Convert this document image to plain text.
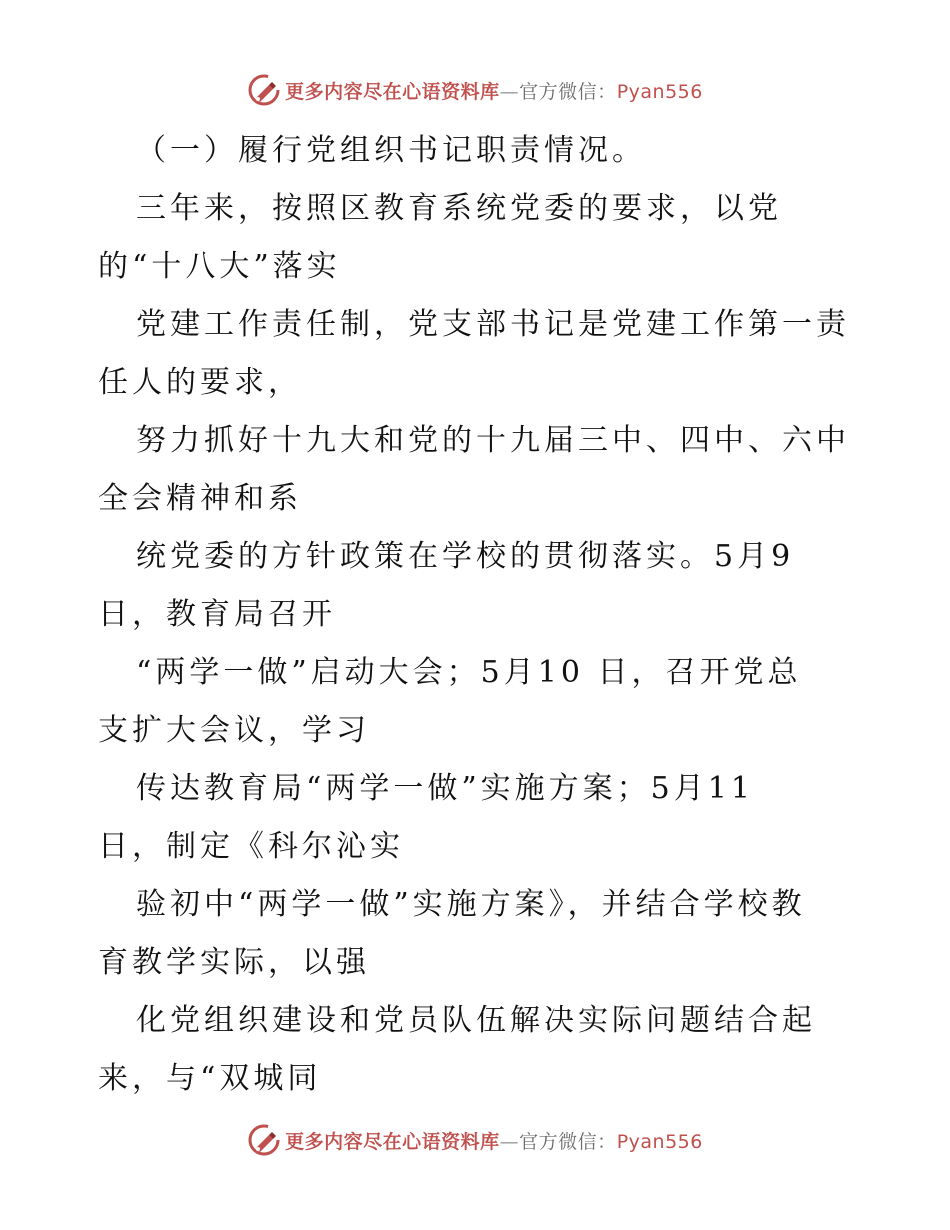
更多内容尽在心语资料库—官方微信：Pyan556
（一）履行党组织书记职责情况。
三年来，按照区教育系统党委的要求，以党
的“十八大”落实
党建工作责任制，党支部书记是党建工作第一责
任人的要求，
努力抓好十九大和党的十九届三中、四中、六中
全会精神和系
统党委的方针政策在学校的贯彻落实。5月9
日，教育局召开
“两学一做”启动大会；5月10 日，召开党总
支扩大会议，学习
传达教育局“两学一做”实施方案；5月11
日，制定《科尔沁实
验初中“两学一做”实施方案》，并结合学校教
育教学实际，以强
化党组织建设和党员队伍解决实际问题结合起
来，与“双城同
更多内容尽在心语资料库—官方微信：Pyan556
